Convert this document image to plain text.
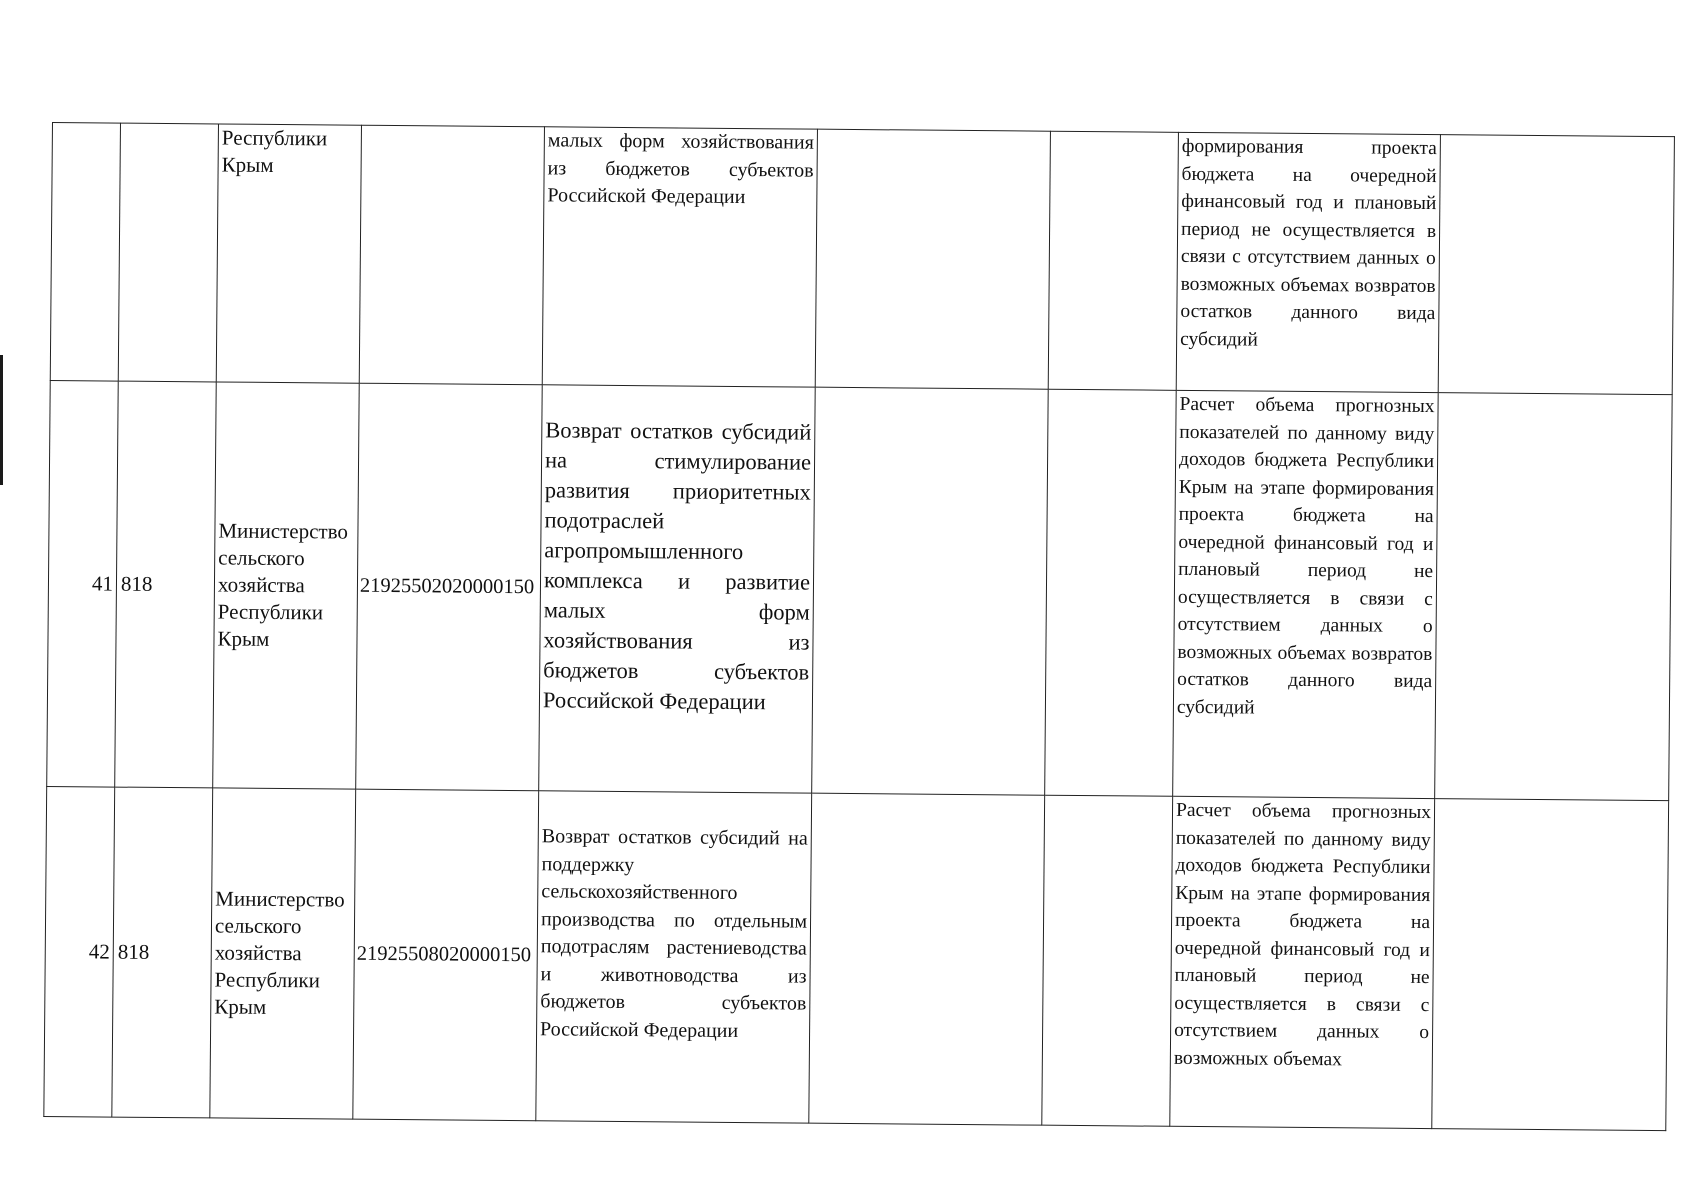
		Республики Крым		малых форм хозяйствования из бюджетов субъектов Российской Федерации			формирования проекта бюджета на очередной финансовый год и плановый период не осуществляется в связи с отсутствием данных о возможных объемах возвратов остатков данного вида субсидий	
41	818	Министерство сельского хозяйства Республики Крым	21925502020000150	Возврат остатков субсидий на стимулирование развития приоритетных подотраслей агропромышленного комплекса и развитие малых форм хозяйствования из бюджетов субъектов Российской Федерации			Расчет объема прогнозных показателей по данному виду доходов бюджета Республики Крым на этапе формирования проекта бюджета на очередной финансовый год и плановый период не осуществляется в связи с отсутствием данных о возможных объемах возвратов остатков данного вида субсидий	
42	818	Министерство сельского хозяйства Республики Крым	21925508020000150	Возврат остатков субсидий на поддержку сельскохозяйственного производства по отдельным подотраслям растениеводства и животноводства из бюджетов субъектов Российской Федерации			Расчет объема прогнозных показателей по данному виду доходов бюджета Республики Крым на этапе формирования проекта бюджета на очередной финансовый год и плановый период не осуществляется в связи с отсутствием данных о возможных объемах	
